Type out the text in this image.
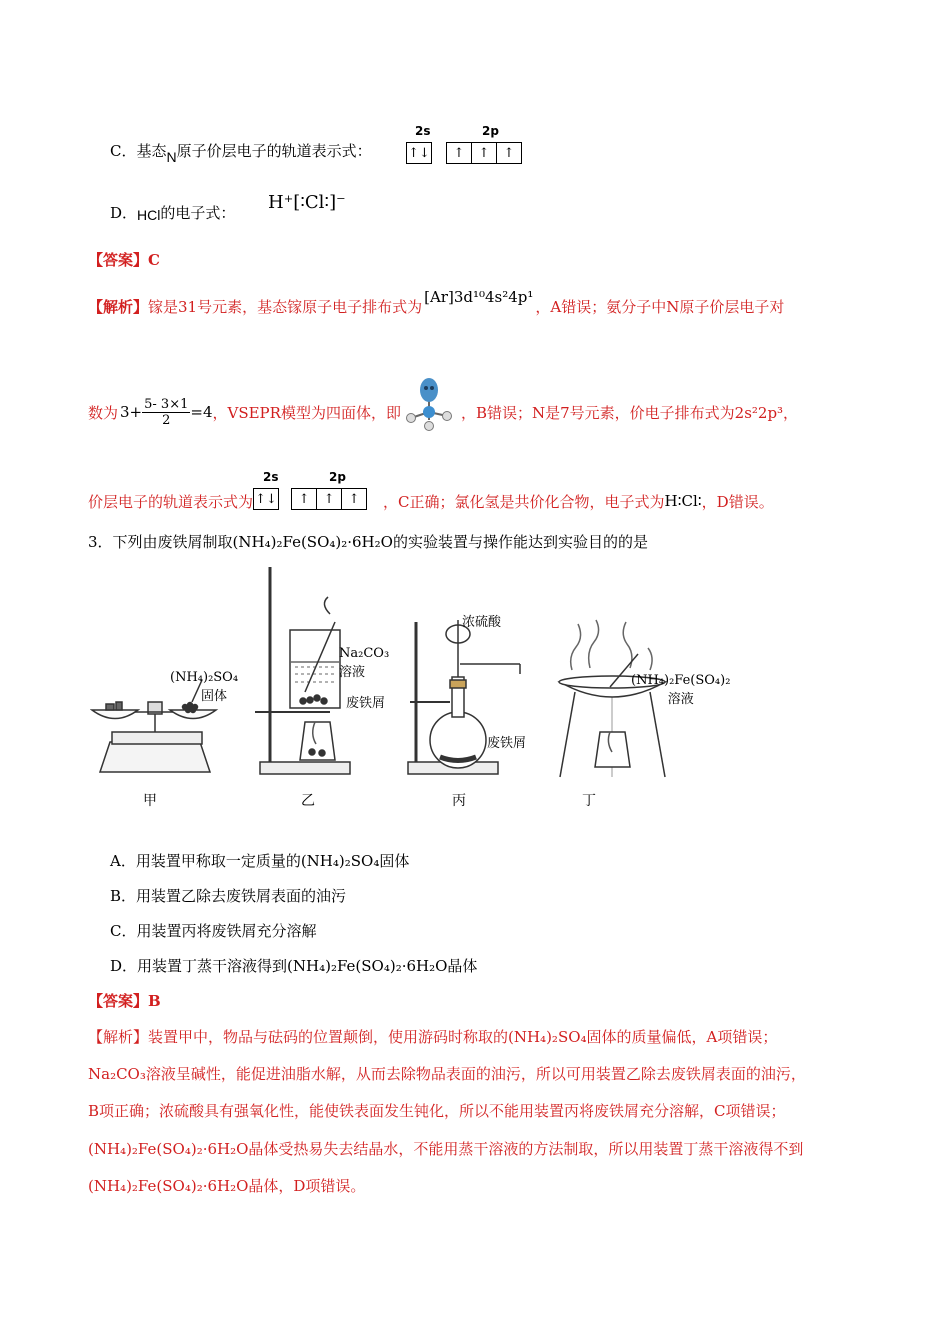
C．基态N原子价层电子的轨道表示式：
2s	2p
↑↓	↑	↑	↑
D．HCl的电子式： H⁺[∶Cl∶]⁻
【答案】C
【解析】镓是31号元素，基态镓原子电子排布式为[Ar]3d¹⁰4s²4p¹，A错误；氨分子中N原子价层电子对
数为 $3+ \frac{5- 3\times 1}{2} =4$ ，VSEPR模型为四面体，即	，B错误；N是7号元素，价电子排布式为2s²2p³，
价层电子的轨道表示式为
2s	2p
↑↓	↑	↑	↑	，C正确；氯化氢是共价化合物，电子式为 H∶Cl∶ ，D错误。
3．下列由废铁屑制取(NH₄)₂Fe(SO₄)₂·6H₂O的实验装置与操作能达到实验目的的是
(NH₄)₂SO₄
固体
Na₂CO₃
溶液
废铁屑
浓硫酸
废铁屑
(NH₄)₂Fe(SO₄)₂
溶液
甲	乙	丙	丁
A．用装置甲称取一定质量的(NH₄)₂SO₄固体
B．用装置乙除去废铁屑表面的油污
C．用装置丙将废铁屑充分溶解
D．用装置丁蒸干溶液得到(NH₄)₂Fe(SO₄)₂·6H₂O晶体
【答案】B
【解析】装置甲中，物品与砝码的位置颠倒，使用游码时称取的(NH₄)₂SO₄固体的质量偏低，A项错误；
Na₂CO₃溶液呈碱性，能促进油脂水解，从而去除物品表面的油污，所以可用装置乙除去废铁屑表面的油污，
B项正确；浓硫酸具有强氧化性，能使铁表面发生钝化，所以不能用装置丙将废铁屑充分溶解，C项错误；
(NH₄)₂Fe(SO₄)₂·6H₂O晶体受热易失去结晶水，不能用蒸干溶液的方法制取，所以用装置丁蒸干溶液得不到
(NH₄)₂Fe(SO₄)₂·6H₂O晶体，D项错误。
